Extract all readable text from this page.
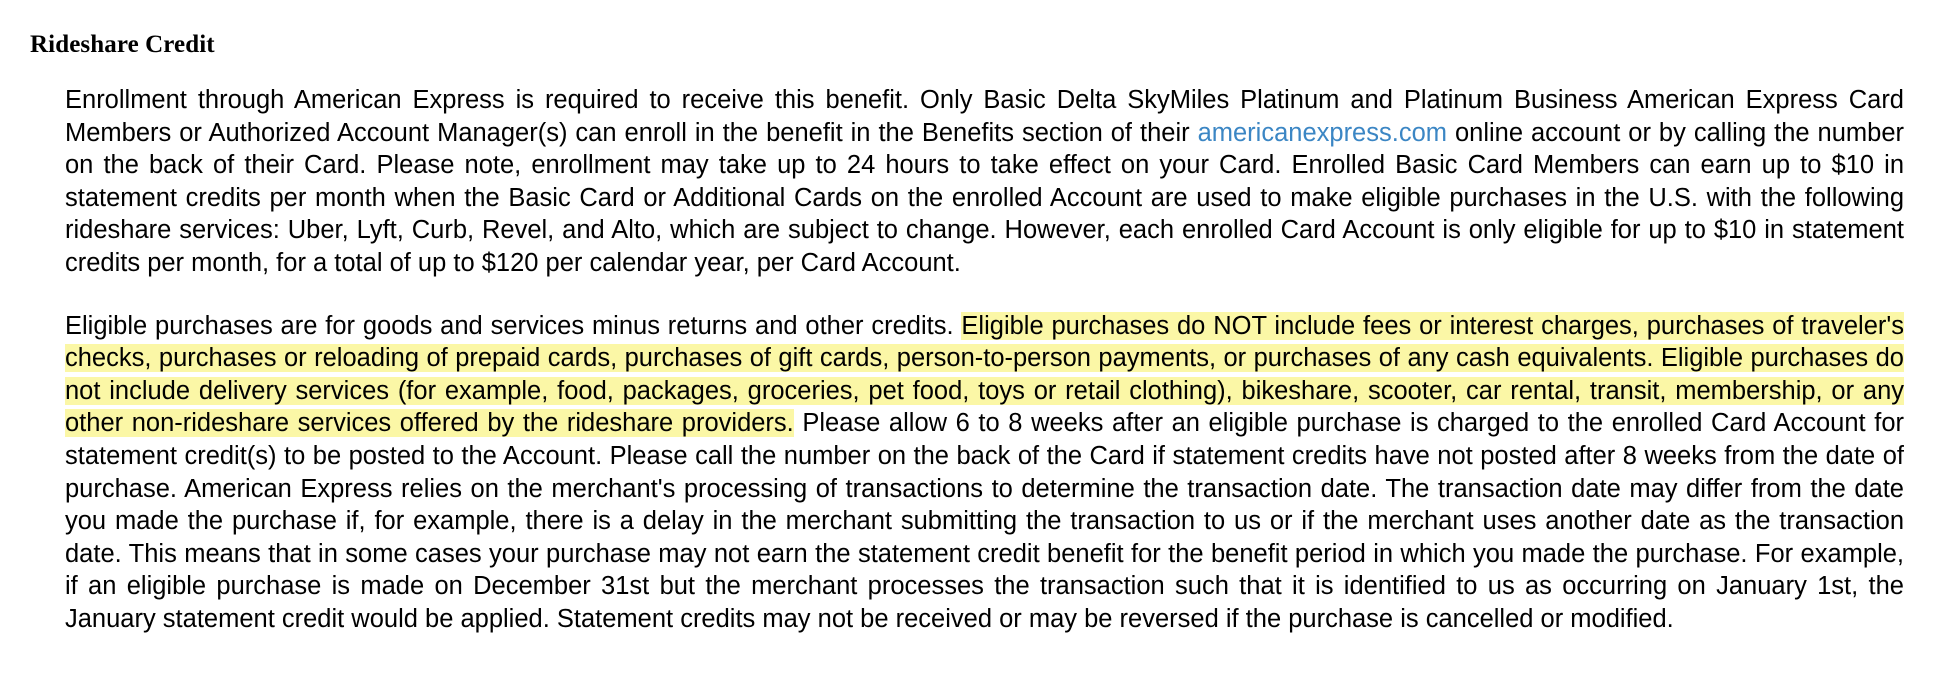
Rideshare Credit

Enrollment through American Express is required to receive this benefit. Only Basic Delta SkyMiles Platinum and Platinum Business American Express Card Members or Authorized Account Manager(s) can enroll in the benefit in the Benefits section of their americanexpress.com online account or by calling the number on the back of their Card. Please note, enrollment may take up to 24 hours to take effect on your Card. Enrolled Basic Card Members can earn up to $10 in statement credits per month when the Basic Card or Additional Cards on the enrolled Account are used to make eligible purchases in the U.S. with the following rideshare services: Uber, Lyft, Curb, Revel, and Alto, which are subject to change. However, each enrolled Card Account is only eligible for up to $10 in statement credits per month, for a total of up to $120 per calendar year, per Card Account.

Eligible purchases are for goods and services minus returns and other credits. Eligible purchases do NOT include fees or interest charges, purchases of traveler's checks, purchases or reloading of prepaid cards, purchases of gift cards, person-to-person payments, or purchases of any cash equivalents. Eligible purchases do not include delivery services (for example, food, packages, groceries, pet food, toys or retail clothing), bikeshare, scooter, car rental, transit, membership, or any other non-rideshare services offered by the rideshare providers. Please allow 6 to 8 weeks after an eligible purchase is charged to the enrolled Card Account for statement credit(s) to be posted to the Account. Please call the number on the back of the Card if statement credits have not posted after 8 weeks from the date of purchase. American Express relies on the merchant's processing of transactions to determine the transaction date. The transaction date may differ from the date you made the purchase if, for example, there is a delay in the merchant submitting the transaction to us or if the merchant uses another date as the transaction date. This means that in some cases your purchase may not earn the statement credit benefit for the benefit period in which you made the purchase. For example, if an eligible purchase is made on December 31st but the merchant processes the transaction such that it is identified to us as occurring on January 1st, the January statement credit would be applied. Statement credits may not be received or may be reversed if the purchase is cancelled or modified.
